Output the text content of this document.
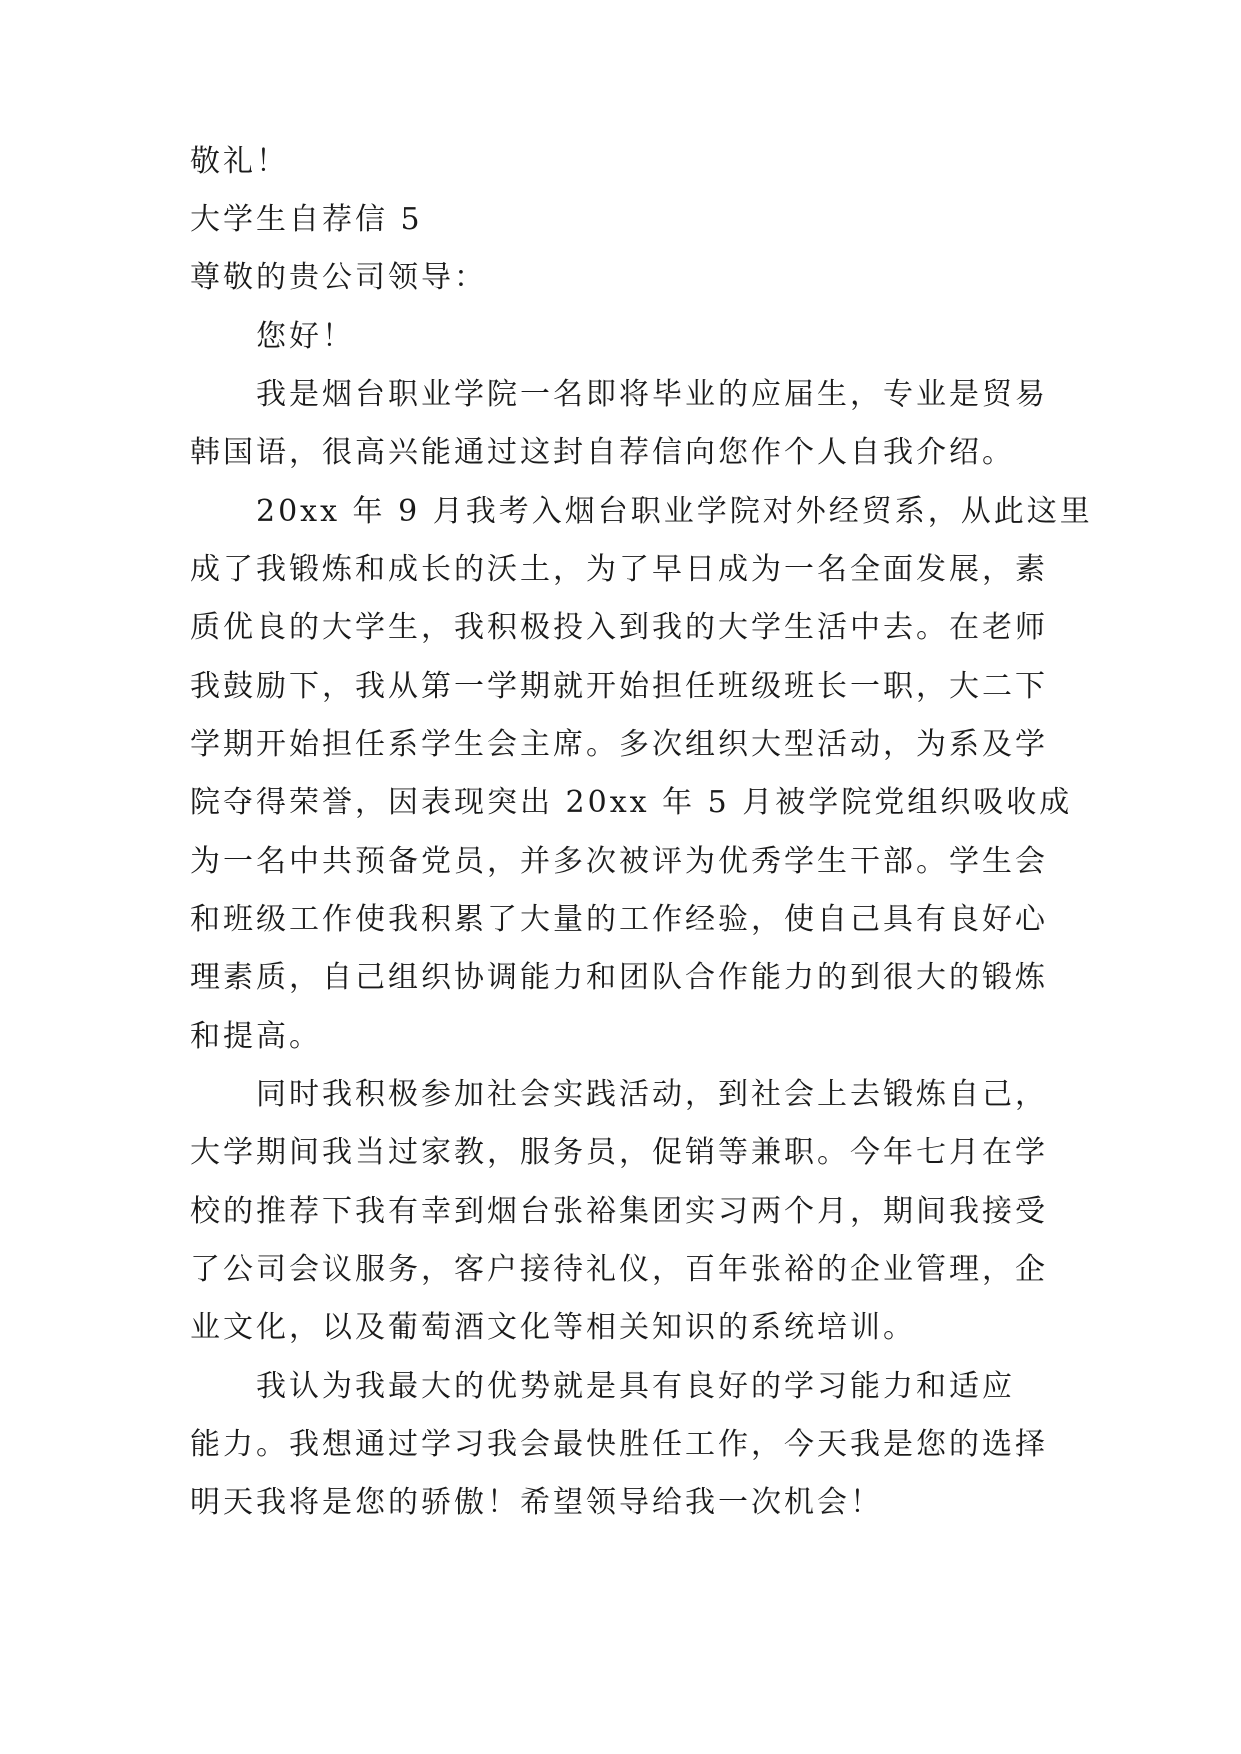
敬礼！

大学生自荐信 5

尊敬的贵公司领导：

您好！

我是烟台职业学院一名即将毕业的应届生，专业是贸易

韩国语，很高兴能通过这封自荐信向您作个人自我介绍。

20xx 年 9 月我考入烟台职业学院对外经贸系，从此这里

成了我锻炼和成长的沃土，为了早日成为一名全面发展，素

质优良的大学生，我积极投入到我的大学生活中去。在老师

我鼓励下，我从第一学期就开始担任班级班长一职，大二下

学期开始担任系学生会主席。多次组织大型活动，为系及学

院夺得荣誉，因表现突出 20xx 年 5 月被学院党组织吸收成

为一名中共预备党员，并多次被评为优秀学生干部。学生会

和班级工作使我积累了大量的工作经验，使自己具有良好心

理素质，自己组织协调能力和团队合作能力的到很大的锻炼

和提高。

同时我积极参加社会实践活动，到社会上去锻炼自己，

大学期间我当过家教，服务员，促销等兼职。今年七月在学

校的推荐下我有幸到烟台张裕集团实习两个月，期间我接受

了公司会议服务，客户接待礼仪，百年张裕的企业管理，企

业文化，以及葡萄酒文化等相关知识的系统培训。

我认为我最大的优势就是具有良好的学习能力和适应

能力。我想通过学习我会最快胜任工作，今天我是您的选择

明天我将是您的骄傲！希望领导给我一次机会！
